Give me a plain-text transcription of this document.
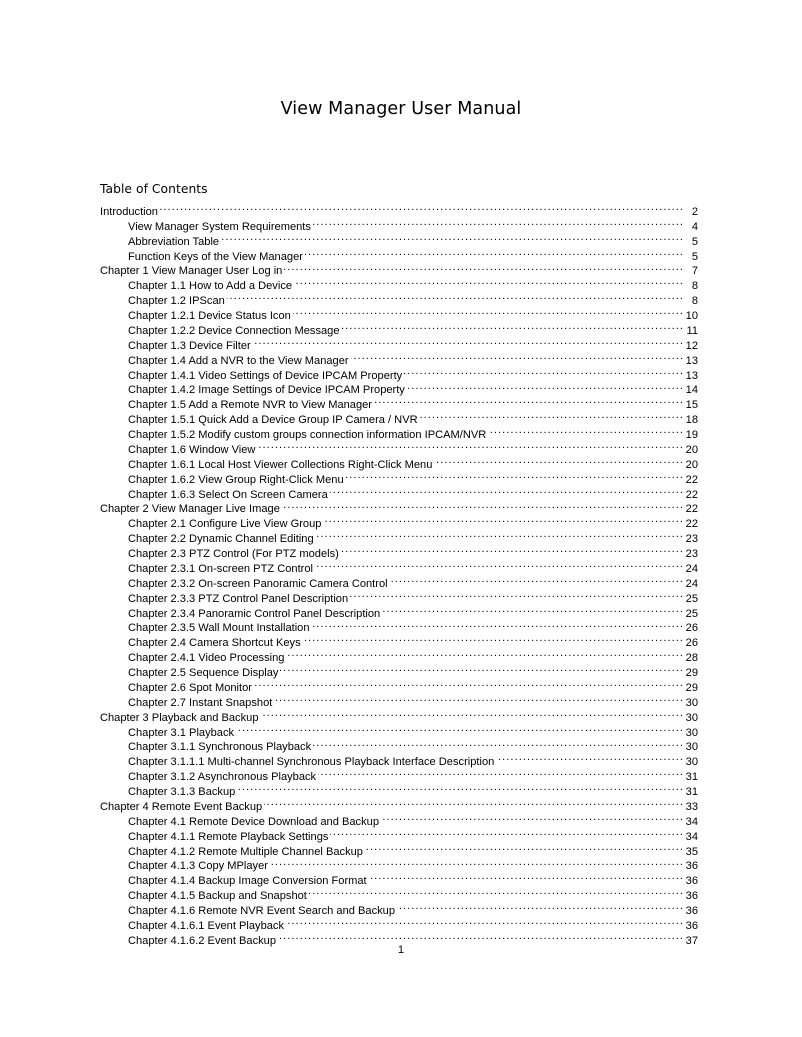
View Manager User Manual
Table of Contents
Introduction .....	2
View Manager System Requirements .....	4
Abbreviation Table .....	5
Function Keys of the View Manager .....	5
Chapter 1 View Manager User Log in .....	7
Chapter 1.1 How to Add a Device .....	8
Chapter 1.2 IPScan .....	8
Chapter 1.2.1 Device Status Icon .....	10
Chapter 1.2.2 Device Connection Message .....	11
Chapter 1.3 Device Filter .....	12
Chapter 1.4 Add a NVR to the View Manager .....	13
Chapter 1.4.1 Video Settings of Device IPCAM Property .....	13
Chapter 1.4.2 Image Settings of Device IPCAM Property .....	14
Chapter 1.5 Add a Remote NVR to View Manager .....	15
Chapter 1.5.1 Quick Add a Device Group IP Camera / NVR .....	18
Chapter 1.5.2 Modify custom groups connection information IPCAM/NVR .....	19
Chapter 1.6 Window View .....	20
Chapter 1.6.1 Local Host Viewer Collections Right-Click Menu .....	20
Chapter 1.6.2 View Group Right-Click Menu .....	22
Chapter 1.6.3 Select On Screen Camera .....	22
Chapter 2 View Manager Live Image .....	22
Chapter 2.1 Configure Live View Group .....	22
Chapter 2.2 Dynamic Channel Editing .....	23
Chapter 2.3 PTZ Control (For PTZ models) .....	23
Chapter 2.3.1 On-screen PTZ Control .....	24
Chapter 2.3.2 On-screen Panoramic Camera Control .....	24
Chapter 2.3.3 PTZ Control Panel Description .....	25
Chapter 2.3.4 Panoramic Control Panel Description .....	25
Chapter 2.3.5 Wall Mount Installation .....	26
Chapter 2.4 Camera Shortcut Keys .....	26
Chapter 2.4.1 Video Processing .....	28
Chapter 2.5 Sequence Display .....	29
Chapter 2.6 Spot Monitor .....	29
Chapter 2.7 Instant Snapshot .....	30
Chapter 3 Playback and Backup .....	30
Chapter 3.1 Playback .....	30
Chapter 3.1.1 Synchronous Playback .....	30
Chapter 3.1.1.1 Multi-channel Synchronous Playback Interface Description .....	30
Chapter 3.1.2 Asynchronous Playback .....	31
Chapter 3.1.3 Backup .....	31
Chapter 4 Remote Event Backup .....	33
Chapter 4.1 Remote Device Download and Backup .....	34
Chapter 4.1.1 Remote Playback Settings .....	34
Chapter 4.1.2 Remote Multiple Channel Backup .....	35
Chapter 4.1.3 Copy MPlayer .....	36
Chapter 4.1.4 Backup Image Conversion Format .....	36
Chapter 4.1.5 Backup and Snapshot .....	36
Chapter 4.1.6 Remote NVR Event Search and Backup .....	36
Chapter 4.1.6.1 Event Playback .....	36
Chapter 4.1.6.2 Event Backup .....	37
1
